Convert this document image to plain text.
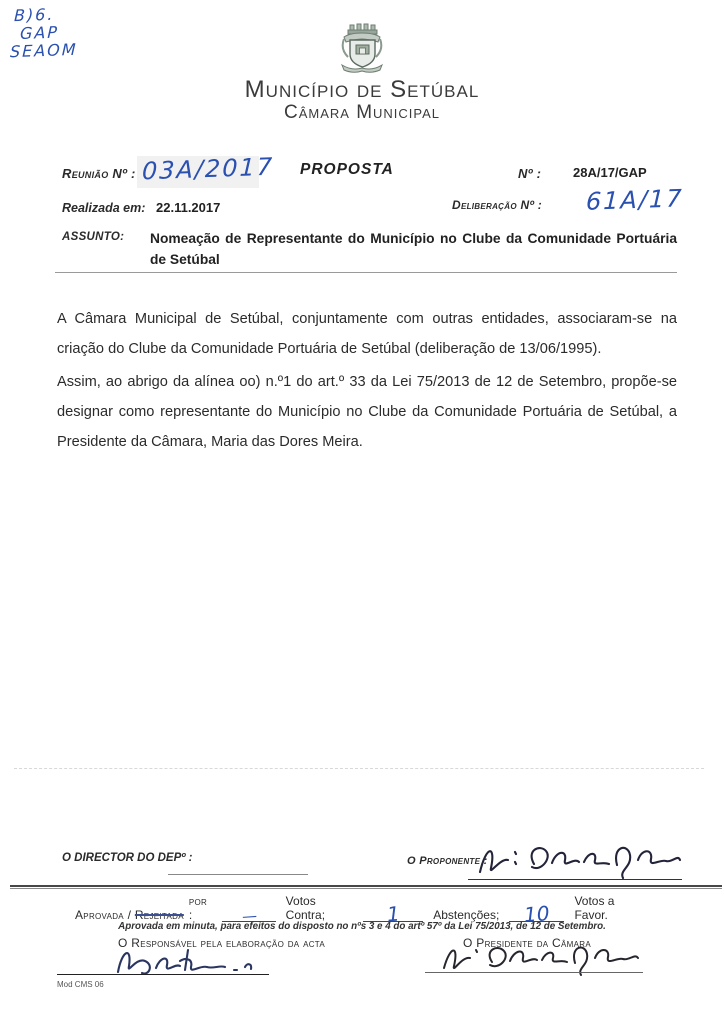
B)6.
GAP
SEAOM
Município de Setúbal
Câmara Municipal
Reunião Nº : 03A/2017 PROPOSTA	Nº : 28A/17/GAP
Realizada em: 22.11.2017	Deliberação Nº : 61A/17
ASSUNTO: Nomeação de Representante do Município no Clube da Comunidade Portuária de Setúbal

A Câmara Municipal de Setúbal, conjuntamente com outras entidades, associaram-se na criação do Clube da Comunidade Portuária de Setúbal (deliberação de 13/06/1995).

Assim, ao abrigo da alínea oo) n.º1 do art.º 33 da Lei 75/2013 de 12 de Setembro, propõe-se designar como representante do Município no Clube da Comunidade Portuária de Setúbal, a Presidente da Câmara, Maria das Dores Meira.

O DIRECTOR DO DEPº :	O Proponente :
Aprovada / Rejeitada
por :	—
Votos Contra;	1	Abstenções;	10
Votos a Favor.
Aprovada em minuta, para efeitos do disposto no nºs 3 e 4 do artº 57º da Lei 75/2013, de 12 de Setembro.
O Responsável pela elaboração da acta	O Presidente da Câmara
Mod CMS 06
